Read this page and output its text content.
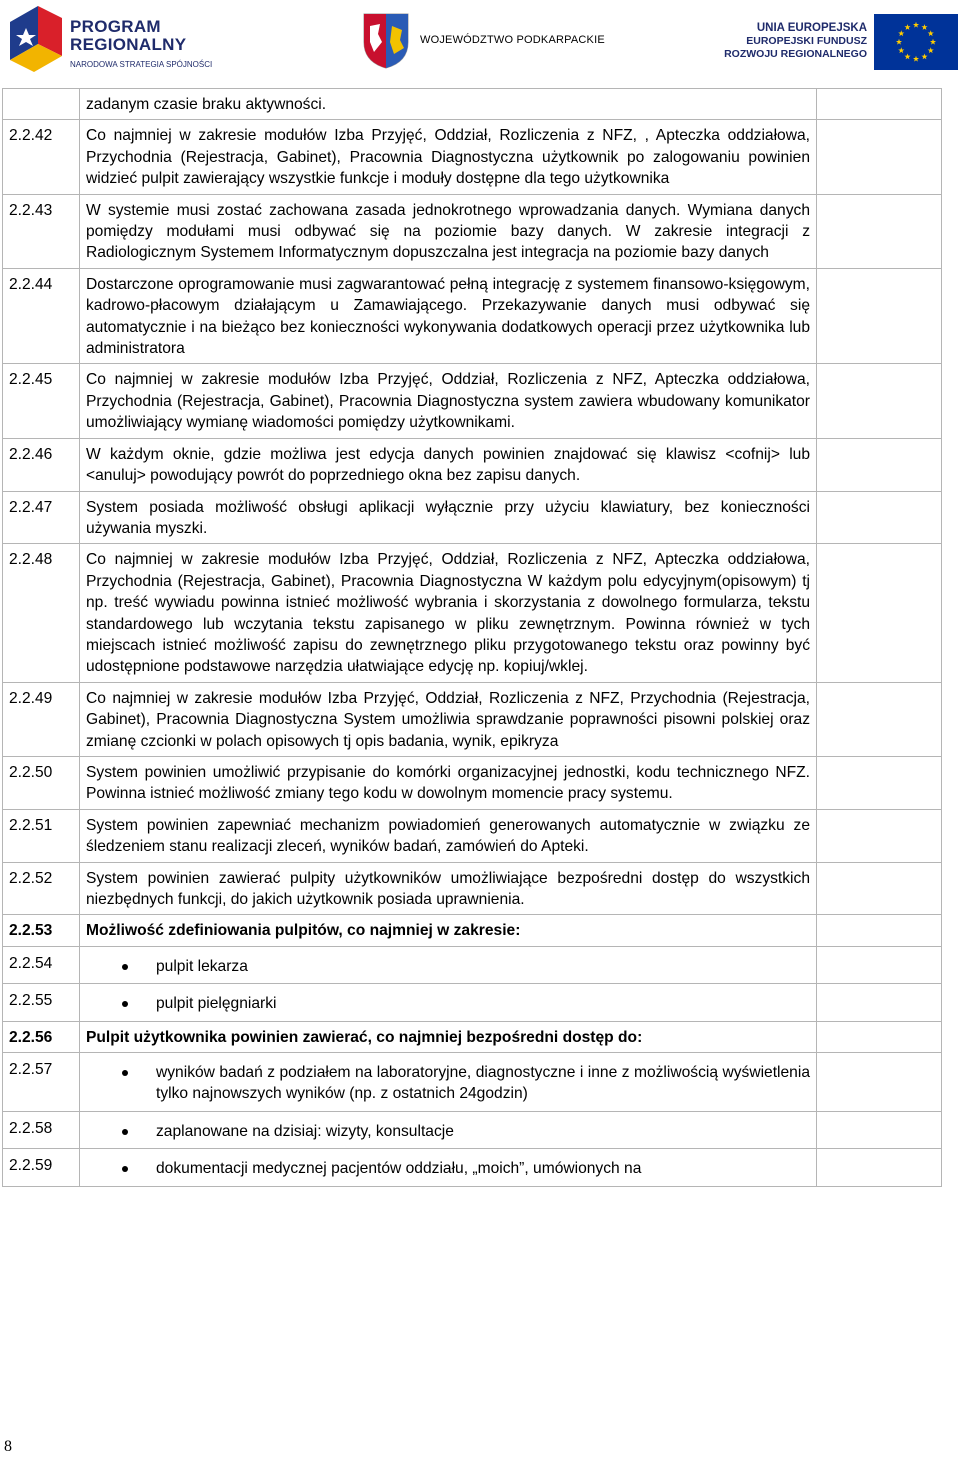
PROGRAM
REGIONALNY
NARODOWA STRATEGIA SPÓJNOŚCI
WOJEWÓDZTWO PODKARPACKIE
UNIA EUROPEJSKA
EUROPEJSKI FUNDUSZ
ROZWOJU REGIONALNEGO
	zadanym czasie braku aktywności.	
2.2.42	Co najmniej w zakresie modułów Izba Przyjęć, Oddział, Rozliczenia z NFZ, , Apteczka oddziałowa, Przychodnia (Rejestracja, Gabinet), Pracownia Diagnostyczna użytkownik po zalogowaniu powinien widzieć pulpit zawierający wszystkie funkcje i moduły dostępne dla tego użytkownika	
2.2.43	W systemie musi zostać zachowana zasada jednokrotnego wprowadzania danych. Wymiana danych pomiędzy modułami musi odbywać się na poziomie bazy danych. W zakresie integracji z Radiologicznym Systemem Informatycznym dopuszczalna jest integracja na poziomie bazy danych	
2.2.44	Dostarczone oprogramowanie musi zagwarantować pełną integrację z systemem finansowo-księgowym, kadrowo-płacowym działającym u Zamawiającego. Przekazywanie danych musi odbywać się automatycznie i na bieżąco bez konieczności wykonywania dodatkowych operacji przez użytkownika lub administratora	
2.2.45	Co najmniej w zakresie modułów Izba Przyjęć, Oddział, Rozliczenia z NFZ, Apteczka oddziałowa, Przychodnia (Rejestracja, Gabinet), Pracownia Diagnostyczna system zawiera wbudowany komunikator umożliwiający wymianę wiadomości pomiędzy użytkownikami.	
2.2.46	W każdym oknie, gdzie możliwa jest edycja danych powinien znajdować się klawisz <cofnij> lub <anuluj> powodujący powrót do poprzedniego okna bez zapisu danych.	
2.2.47	System posiada możliwość obsługi aplikacji wyłącznie przy użyciu klawiatury, bez konieczności używania myszki.	
2.2.48	Co najmniej w zakresie modułów Izba Przyjęć, Oddział, Rozliczenia z NFZ, Apteczka oddziałowa, Przychodnia (Rejestracja, Gabinet), Pracownia Diagnostyczna W każdym polu edycyjnym(opisowym) tj np. treść wywiadu powinna istnieć możliwość wybrania i skorzystania z dowolnego formularza, tekstu standardowego lub wczytania tekstu zapisanego w pliku zewnętrznym. Powinna również w tych miejscach istnieć możliwość zapisu do zewnętrznego pliku przygotowanego tekstu oraz powinny być udostępnione podstawowe narzędzia ułatwiające edycję np. kopiuj/wklej.	
2.2.49	Co najmniej w zakresie modułów Izba Przyjęć, Oddział, Rozliczenia z NFZ, Przychodnia (Rejestracja, Gabinet), Pracownia Diagnostyczna System umożliwia sprawdzanie poprawności pisowni polskiej oraz zmianę czcionki w polach opisowych tj opis badania, wynik, epikryza	
2.2.50	System powinien umożliwić przypisanie do komórki organizacyjnej jednostki, kodu technicznego NFZ. Powinna istnieć możliwość zmiany tego kodu w dowolnym momencie pracy systemu.	
2.2.51	System powinien zapewniać mechanizm powiadomień generowanych automatycznie w związku ze śledzeniem stanu realizacji zleceń, wyników badań, zamówień do Apteki.	
2.2.52	System powinien zawierać pulpity użytkowników umożliwiające bezpośredni dostęp do wszystkich niezbędnych funkcji, do jakich użytkownik posiada uprawnienia.	
2.2.53	Możliwość zdefiniowania pulpitów, co najmniej w zakresie:	
2.2.54	pulpit lekarza	

2.2.55	pulpit pielęgniarki	

2.2.56	Pulpit użytkownika powinien zawierać, co najmniej bezpośredni dostęp do:	
2.2.57	wyników badań z podziałem na laboratoryjne, diagnostyczne i inne z możliwością wyświetlenia tylko najnowszych wyników (np. z ostatnich 24godzin)	

2.2.58	zaplanowane na dzisiaj: wizyty, konsultacje	

2.2.59	dokumentacji medycznej pacjentów oddziału, „moich”, umówionych na	

8
